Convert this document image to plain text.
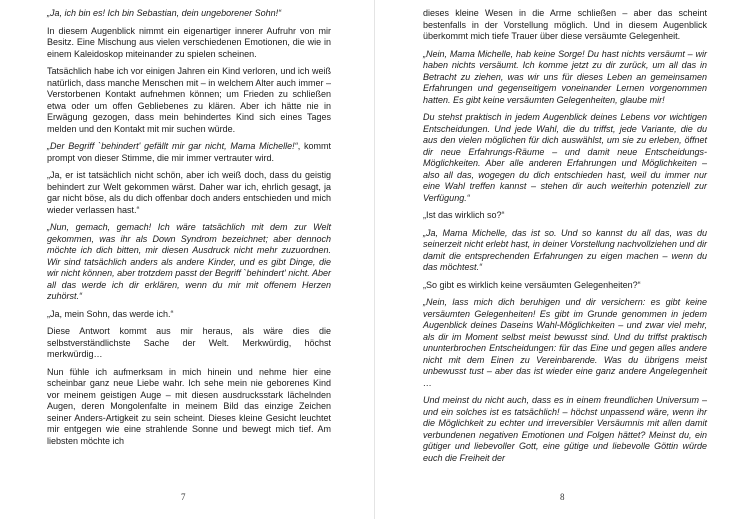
„Ja, ich bin es! Ich bin Sebastian, dein ungeborener Sohn!“

In diesem Augenblick nimmt ein eigenartiger innerer Aufruhr von mir Besitz. Eine Mischung aus vielen verschiedenen Emotionen, die wie in einem Kaleidoskop miteinander zu spielen scheinen.

Tatsächlich habe ich vor einigen Jahren ein Kind verloren, und ich weiß natürlich, dass manche Menschen mit – in welchem Alter auch immer – Verstorbenen Kontakt aufnehmen können; um Frieden zu schließen etwa oder um offen Gebliebenes zu klären. Aber ich hätte nie in Erwägung gezogen, dass mein behindertes Kind sich eines Tages melden und den Kontakt mit mir suchen würde.

„Der Begriff `behindert' gefällt mir gar nicht, Mama Michelle!“, kommt prompt von dieser Stimme, die mir immer vertrauter wird.

„Ja, er ist tatsächlich nicht schön, aber ich weiß doch, dass du geistig behindert zur Welt gekommen wärst. Daher war ich, ehrlich gesagt, ja gar nicht böse, als du dich offenbar doch anders entschieden und mich wieder verlassen hast.“

„Nun, gemach, gemach! Ich wäre tatsächlich mit dem zur Welt gekommen, was ihr als Down Syndrom bezeichnet; aber dennoch möchte ich dich bitten, mir diesen Ausdruck nicht mehr zuzuordnen. Wir sind tatsächlich anders als andere Kinder, und es gibt Dinge, die wir nicht können, aber trotzdem passt der Begriff `behindert' nicht. Aber all das werde ich dir erklären, wenn du mir mit offenem Herzen zuhörst.“

„Ja, mein Sohn, das werde ich.“

Diese Antwort kommt aus mir heraus, als wäre dies die selbstverständlichste Sache der Welt. Merkwürdig, höchst merkwürdig…

Nun fühle ich aufmerksam in mich hinein und nehme hier eine scheinbar ganz neue Liebe wahr. Ich sehe mein nie geborenes Kind vor meinem geistigen Auge – mit diesen ausdrucksstark lächelnden Augen, deren Mongolenfalte in meinem Bild das einzige Zeichen seiner Anders-Artigkeit zu sein scheint. Dieses kleine Gesicht leuchtet mir entgegen wie eine strahlende Sonne und bewegt mich tief. Am liebsten möchte ich

7

dieses kleine Wesen in die Arme schließen – aber das scheint bestenfalls in der Vorstellung möglich. Und in diesem Augenblick überkommt mich tiefe Trauer über diese versäumte Gelegenheit.

„Nein, Mama Michelle, hab keine Sorge! Du hast nichts versäumt – wir haben nichts versäumt. Ich komme jetzt zu dir zurück, um all das in Betracht zu ziehen, was wir uns für dieses Leben an gemeinsamen Erfahrungen und gegenseitigem voneinander Lernen vorgenommen hatten. Es gibt keine versäumten Gelegenheiten, glaube mir!

Du stehst praktisch in jedem Augenblick deines Lebens vor wichtigen Entscheidungen. Und jede Wahl, die du triffst, jede Variante, die du aus den vielen möglichen für dich auswählst, um sie zu erleben, öffnet dir neue Erfahrungs-Räume – und damit neue Entscheidungs-Möglichkeiten. Aber alle anderen Erfahrungen und Möglichkeiten – also all das, wogegen du dich entschieden hast, weil du immer nur eine Wahl treffen kannst – stehen dir auch weiterhin potenziell zur Verfügung.“

„Ist das wirklich so?“

„Ja, Mama Michelle, das ist so. Und so kannst du all das, was du seinerzeit nicht erlebt hast, in deiner Vorstellung nachvollziehen und dir damit die entsprechenden Erfahrungen zu eigen machen – wenn du das möchtest.“

„So gibt es wirklich keine versäumten Gelegenheiten?“

„Nein, lass mich dich beruhigen und dir versichern: es gibt keine versäumten Gelegenheiten! Es gibt im Grunde genommen in jedem Augenblick deines Daseins Wahl-Möglichkeiten – und zwar viel mehr, als dir im Moment selbst meist bewusst sind. Und du triffst praktisch ununterbrochen Entscheidungen: für das Eine und gegen alles andere nicht mit dem Einen zu Vereinbarende. Was du übrigens meist unbewusst tust – aber das ist wieder eine ganz andere Angelegenheit …

Und meinst du nicht auch, dass es in einem freundlichen Universum – und ein solches ist es tatsächlich! – höchst unpassend wäre, wenn ihr die Möglichkeit zu echter und irreversibler Versäumnis mit allen damit verbundenen negativen Emotionen und Folgen hättet? Meinst du, ein gütiger und liebevoller Gott, eine gütige und liebevolle Göttin würde euch die Freiheit der

8
